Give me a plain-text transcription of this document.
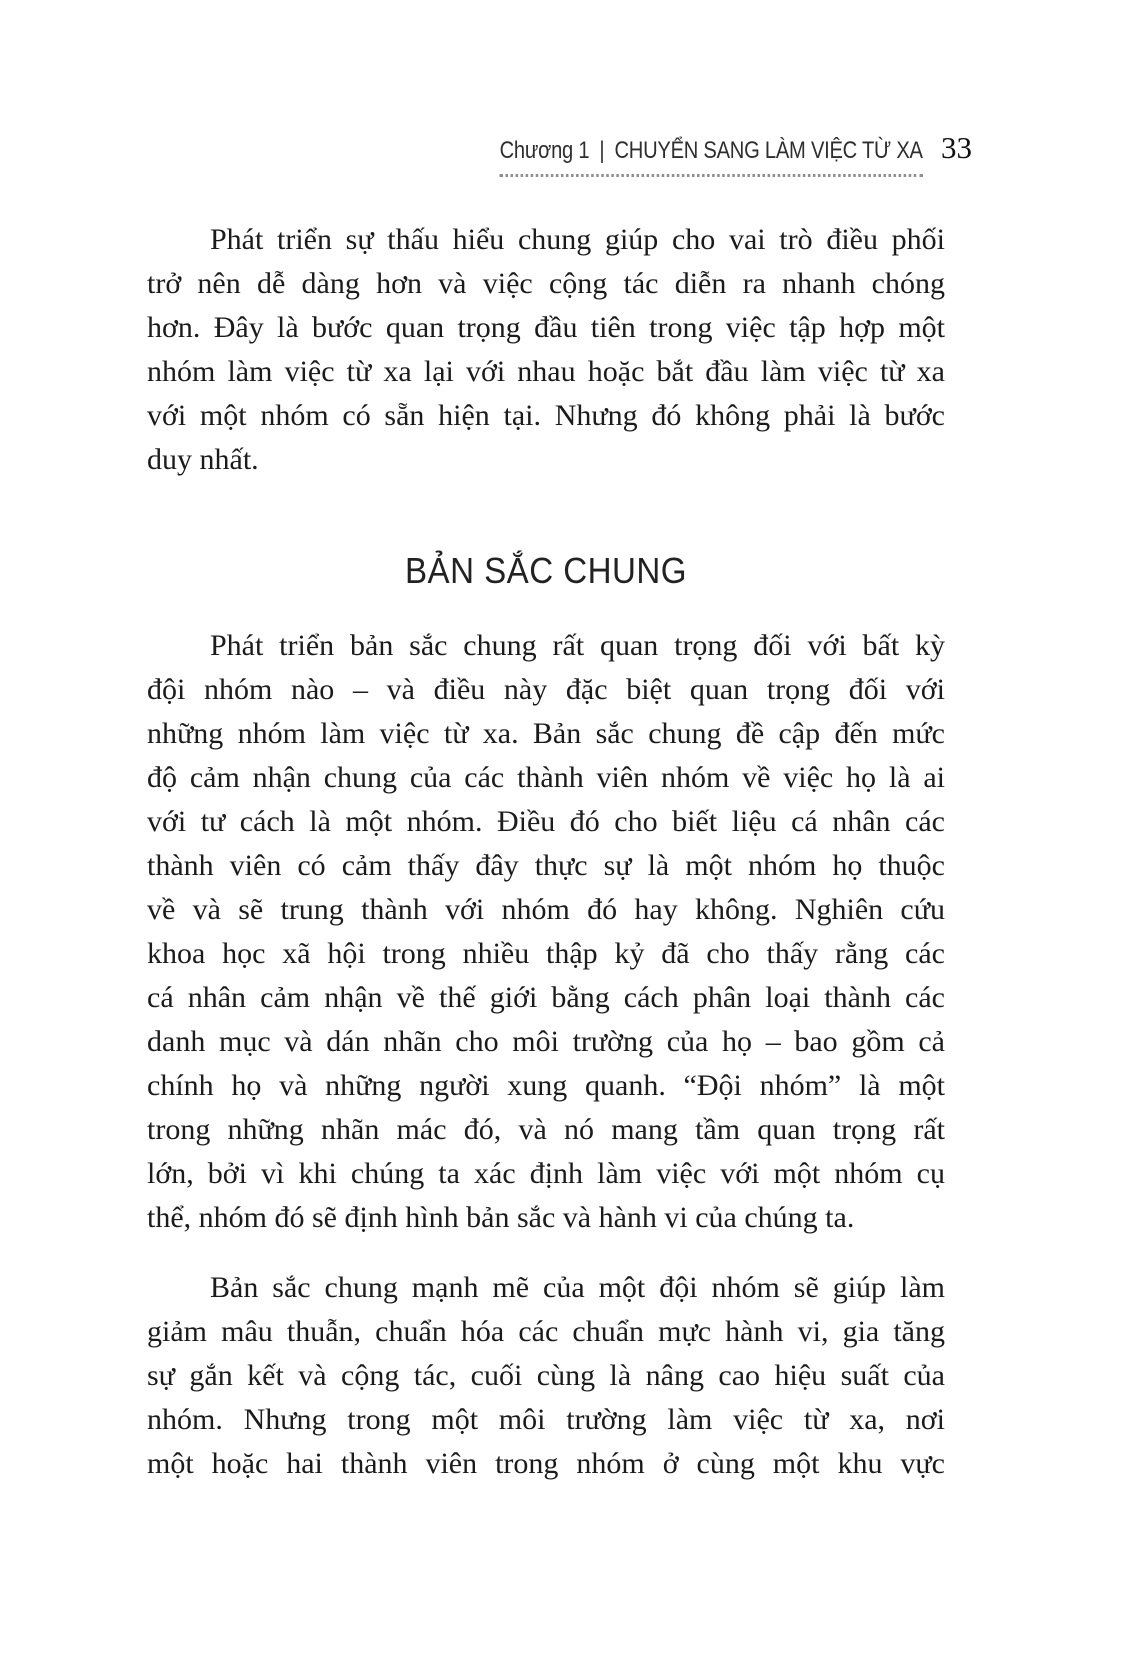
Chương 1 | CHUYỂN SANG LÀM VIỆC TỪ XA 33
Phát triển sự thấu hiểu chung giúp cho vai trò điều phối
trở nên dễ dàng hơn và việc cộng tác diễn ra nhanh chóng
hơn. Đây là bước quan trọng đầu tiên trong việc tập hợp một
nhóm làm việc từ xa lại với nhau hoặc bắt đầu làm việc từ xa
với một nhóm có sẵn hiện tại. Nhưng đó không phải là bước
duy nhất.
BẢN SẮC CHUNG
Phát triển bản sắc chung rất quan trọng đối với bất kỳ
đội nhóm nào – và điều này đặc biệt quan trọng đối với
những nhóm làm việc từ xa. Bản sắc chung đề cập đến mức
độ cảm nhận chung của các thành viên nhóm về việc họ là ai
với tư cách là một nhóm. Điều đó cho biết liệu cá nhân các
thành viên có cảm thấy đây thực sự là một nhóm họ thuộc
về và sẽ trung thành với nhóm đó hay không. Nghiên cứu
khoa học xã hội trong nhiều thập kỷ đã cho thấy rằng các
cá nhân cảm nhận về thế giới bằng cách phân loại thành các
danh mục và dán nhãn cho môi trường của họ – bao gồm cả
chính họ và những người xung quanh. “Đội nhóm” là một
trong những nhãn mác đó, và nó mang tầm quan trọng rất
lớn, bởi vì khi chúng ta xác định làm việc với một nhóm cụ
thể, nhóm đó sẽ định hình bản sắc và hành vi của chúng ta.
Bản sắc chung mạnh mẽ của một đội nhóm sẽ giúp làm
giảm mâu thuẫn, chuẩn hóa các chuẩn mực hành vi, gia tăng
sự gắn kết và cộng tác, cuối cùng là nâng cao hiệu suất của
nhóm. Nhưng trong một môi trường làm việc từ xa, nơi
một hoặc hai thành viên trong nhóm ở cùng một khu vực
